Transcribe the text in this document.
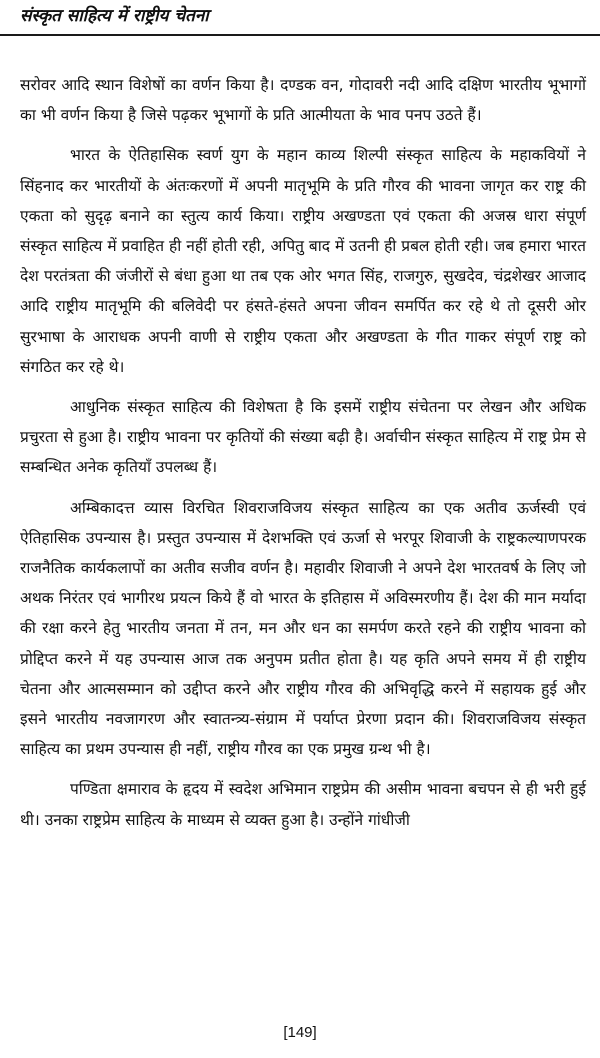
संस्कृत साहित्य में राष्ट्रीय चेतना

सरोवर आदि स्थान विशेषों का वर्णन किया है। दण्डक वन, गोदावरी नदी आदि दक्षिण भारतीय भूभागों का भी वर्णन किया है जिसे पढ़कर भूभागों के प्रति आत्मीयता के भाव पनप उठते हैं।

भारत के ऐतिहासिक स्वर्ण युग के महान काव्य शिल्पी संस्कृत साहित्य के महाकवियों ने सिंहनाद कर भारतीयों के अंतःकरणों में अपनी मातृभूमि के प्रति गौरव की भावना जागृत कर राष्ट्र की एकता को सुदृढ़ बनाने का स्तुत्य कार्य किया। राष्ट्रीय अखण्डता एवं एकता की अजस्र धारा संपूर्ण संस्कृत साहित्य में प्रवाहित ही नहीं होती रही, अपितु बाद में उतनी ही प्रबल होती रही। जब हमारा भारत देश परतंत्रता की जंजीरों से बंधा हुआ था तब एक ओर भगत सिंह, राजगुरु, सुखदेव, चंद्रशेखर आजाद आदि राष्ट्रीय मातृभूमि की बलिवेदी पर हंसते-हंसते अपना जीवन समर्पित कर रहे थे तो दूसरी ओर सुरभाषा के आराधक अपनी वाणी से राष्ट्रीय एकता और अखण्डता के गीत गाकर संपूर्ण राष्ट्र को संगठित कर रहे थे।

आधुनिक संस्कृत साहित्य की विशेषता है कि इसमें राष्ट्रीय संचेतना पर लेखन और अधिक प्रचुरता से हुआ है। राष्ट्रीय भावना पर कृतियों की संख्या बढ़ी है। अर्वाचीन संस्कृत साहित्य में राष्ट्र प्रेम से सम्बन्धित अनेक कृतियाँ उपलब्ध हैं।

अम्बिकादत्त व्यास विरचित शिवराजविजय संस्कृत साहित्य का एक अतीव ऊर्जस्वी एवं ऐतिहासिक उपन्यास है। प्रस्तुत उपन्यास में देशभक्ति एवं ऊर्जा से भरपूर शिवाजी के राष्ट्रकल्याणपरक राजनैतिक कार्यकलापों का अतीव सजीव वर्णन है। महावीर शिवाजी ने अपने देश भारतवर्ष के लिए जो अथक निरंतर एवं भागीरथ प्रयत्न किये हैं वो भारत के इतिहास में अविस्मरणीय हैं। देश की मान मर्यादा की रक्षा करने हेतु भारतीय जनता में तन, मन और धन का समर्पण करते रहने की राष्ट्रीय भावना को प्रोद्दिप्त करने में यह उपन्यास आज तक अनुपम प्रतीत होता है। यह कृति अपने समय में ही राष्ट्रीय चेतना और आत्मसम्मान को उद्दीप्त करने और राष्ट्रीय गौरव की अभिवृद्धि करने में सहायक हुई और इसने भारतीय नवजागरण और स्वातन्त्र्य-संग्राम में पर्याप्त प्रेरणा प्रदान की। शिवराजविजय संस्कृत साहित्य का प्रथम उपन्यास ही नहीं, राष्ट्रीय गौरव का एक प्रमुख ग्रन्थ भी है।

पण्डिता क्षमाराव के हृदय में स्वदेश अभिमान राष्ट्रप्रेम की असीम भावना बचपन से ही भरी हुई थी। उनका राष्ट्रप्रेम साहित्य के माध्यम से व्यक्त हुआ है। उन्होंने गांधीजी

[149]
